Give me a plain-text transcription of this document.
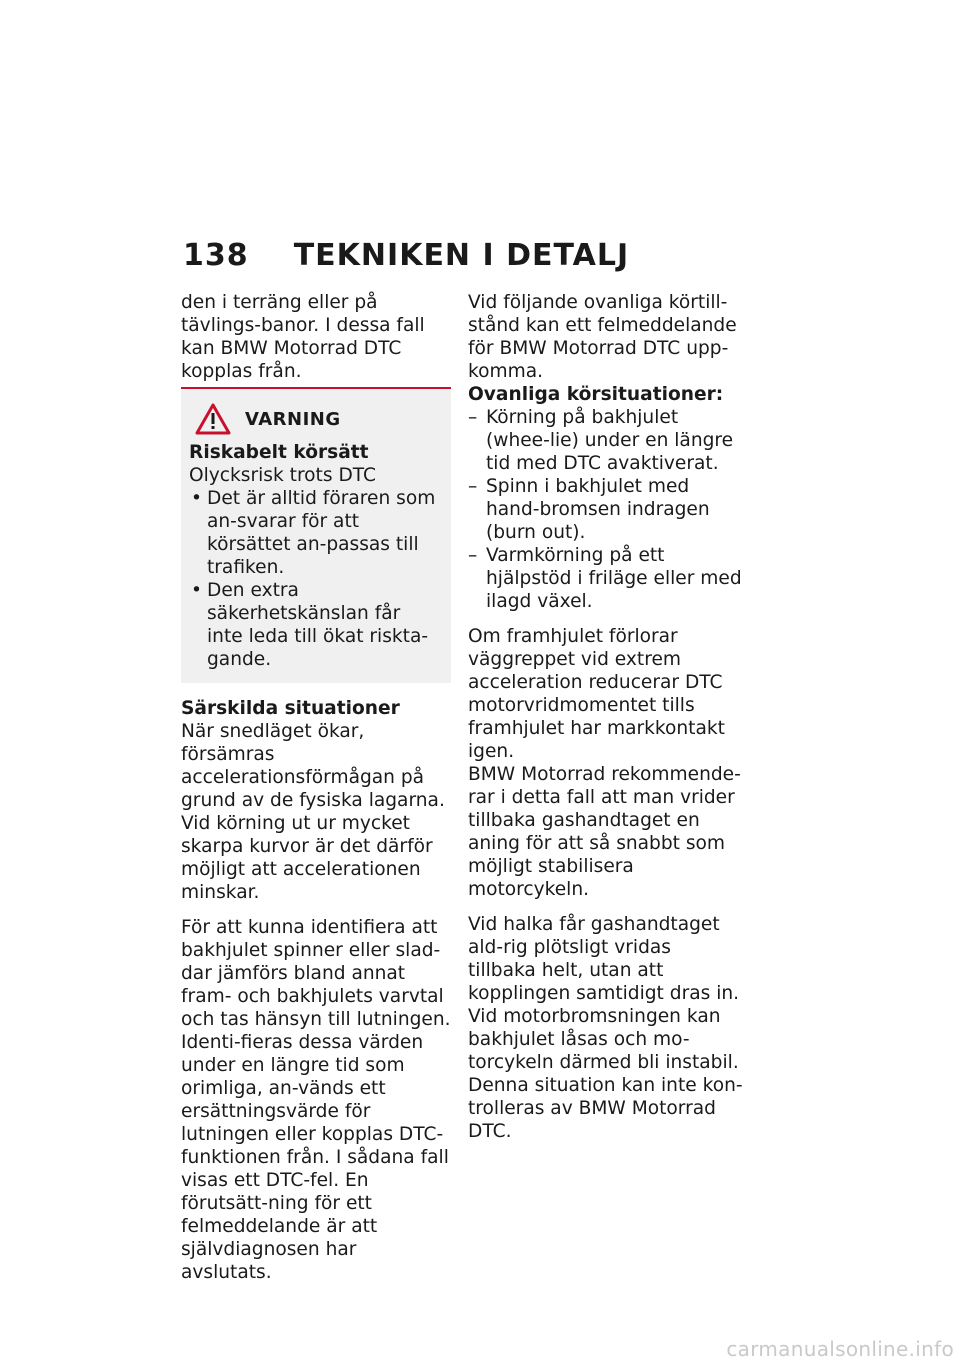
138 TEKNIKEN I DETALJ

den i terräng eller på tävlings-banor. I dessa fall kan BMW Motorrad DTC kopplas från.

VARNING
Riskabelt körsätt
Olycksrisk trots DTC
• Det är alltid föraren som an-svarar för att körsättet an-passas till trafiken.
• Den extra säkerhetskänslan får inte leda till ökat riskta-gande.
Särskilda situationer

När snedläget ökar, försämras accelerationsförmågan på grund av de fysiska lagarna. Vid körning ut ur mycket skarpa kurvor är det därför möjligt att accelerationen minskar.

För att kunna identifiera att bakhjulet spinner eller slad-dar jämförs bland annat fram- och bakhjulets varvtal och tas hänsyn till lutningen. Identi-fieras dessa värden under en längre tid som orimliga, an-vänds ett ersättningsvärde för lutningen eller kopplas DTC-funktionen från. I sådana fall visas ett DTC-fel. En förutsätt-ning för ett felmeddelande är att självdiagnosen har avslutats.

Vid följande ovanliga körtill-stånd kan ett felmeddelande för BMW Motorrad DTC upp-komma.

Ovanliga körsituationer:
– Körning på bakhjulet (whee-lie) under en längre tid med DTC avaktiverat.
– Spinn i bakhjulet med hand-bromsen indragen (burn out).
– Varmkörning på ett hjälpstöd i friläge eller med ilagd växel.

Om framhjulet förlorar väggreppet vid extrem acceleration reducerar DTC motorvridmomentet tills framhjulet har markkontakt igen.

BMW Motorrad rekommende-rar i detta fall att man vrider tillbaka gashandtaget en aning för att så snabbt som möjligt stabilisera motorcykeln.

Vid halka får gashandtaget ald-rig plötsligt vridas tillbaka helt, utan att kopplingen samtidigt dras in. Vid motorbromsningen kan bakhjulet låsas och mo-torcykeln därmed bli instabil. Denna situation kan inte kon-trolleras av BMW Motorrad DTC.

carmanualsonline.info
